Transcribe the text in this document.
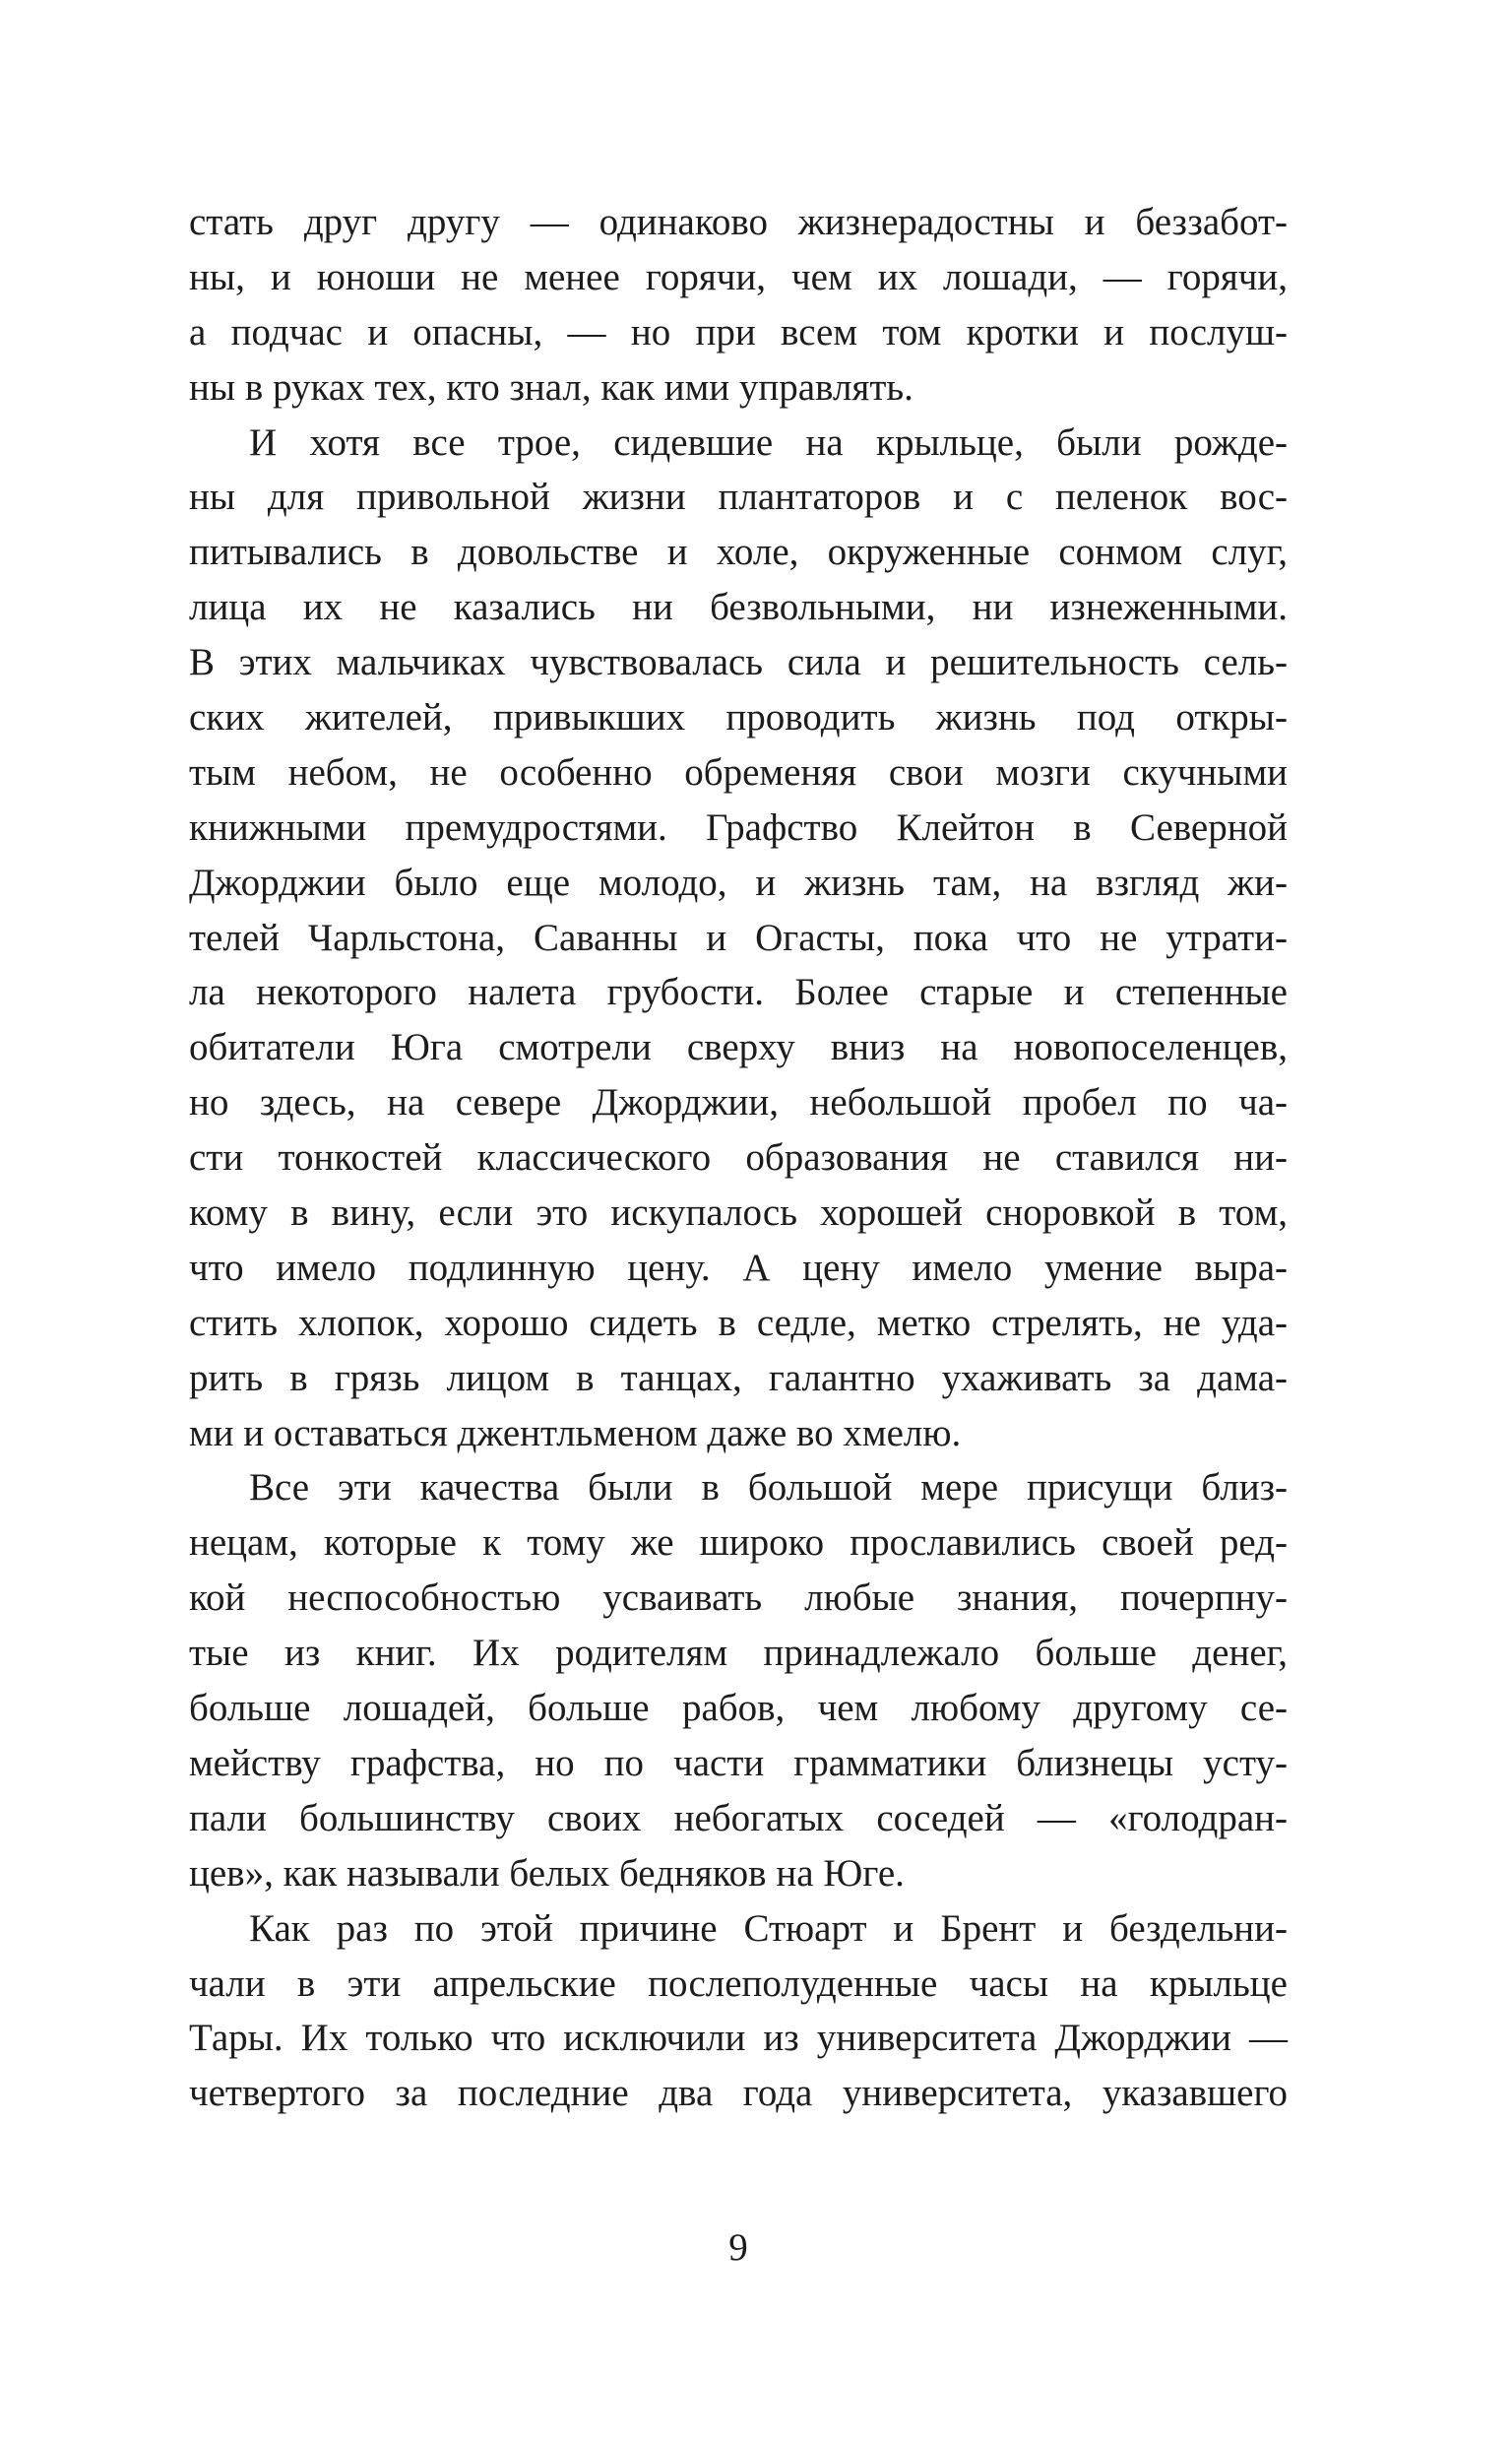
стать друг другу — одинаково жизнерадостны и беззабот-
ны, и юноши не менее горячи, чем их лошади, — горячи,
а подчас и опасны, — но при всем том кротки и послуш-
ны в руках тех, кто знал, как ими управлять.
И хотя все трое, сидевшие на крыльце, были рожде-
ны для привольной жизни плантаторов и с пеленок вос-
питывались в довольстве и холе, окруженные сонмом слуг,
лица их не казались ни безвольными, ни изнеженными.
В этих мальчиках чувствовалась сила и решительность сель-
ских жителей, привыкших проводить жизнь под откры-
тым небом, не особенно обременяя свои мозги скучными
книжными премудростями. Графство Клейтон в Северной
Джорджии было еще молодо, и жизнь там, на взгляд жи-
телей Чарльстона, Саванны и Огасты, пока что не утрати-
ла некоторого налета грубости. Более старые и степенные
обитатели Юга смотрели сверху вниз на новопоселенцев,
но здесь, на севере Джорджии, небольшой пробел по ча-
сти тонкостей классического образования не ставился ни-
кому в вину, если это искупалось хорошей сноровкой в том,
что имело подлинную цену. А цену имело умение выра-
стить хлопок, хорошо сидеть в седле, метко стрелять, не уда-
рить в грязь лицом в танцах, галантно ухаживать за дама-
ми и оставаться джентльменом даже во хмелю.
Все эти качества были в большой мере присущи близ-
нецам, которые к тому же широко прославились своей ред-
кой неспособностью усваивать любые знания, почерпну-
тые из книг. Их родителям принадлежало больше денег,
больше лошадей, больше рабов, чем любому другому се-
мейству графства, но по части грамматики близнецы усту-
пали большинству своих небогатых соседей — «голодран-
цев», как называли белых бедняков на Юге.
Как раз по этой причине Стюарт и Брент и бездельни-
чали в эти апрельские послеполуденные часы на крыльце
Тары. Их только что исключили из университета Джорджии —
четвертого за последние два года университета, указавшего
9
